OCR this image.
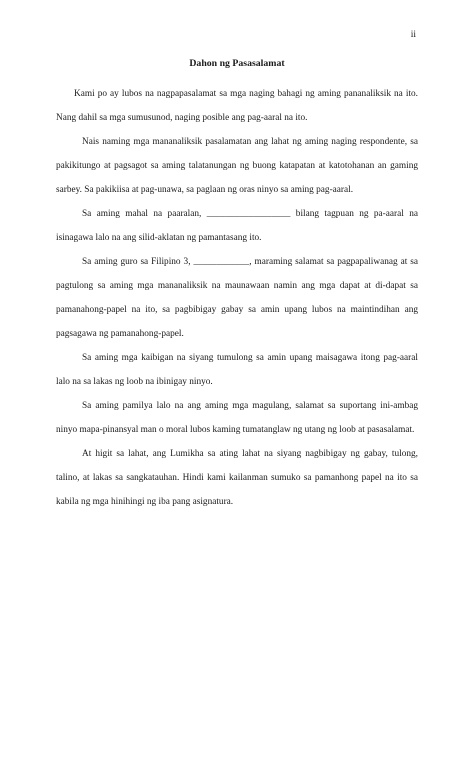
ii
Dahon ng Pasasalamat

Kami po ay lubos na nagpapasalamat sa mga naging bahagi ng aming pananaliksik na ito. Nang dahil sa mga sumusunod, naging posible ang pag-aaral na ito.

Nais naming mga mananaliksik pasalamatan ang lahat ng aming naging respondente, sa pakikitungo at pagsagot sa aming talatanungan ng buong katapatan at katotohanan an gaming sarbey. Sa pakikiisa at pag-unawa, sa paglaan ng oras ninyo sa aming pag-aaral.

Sa aming mahal na paaralan, __________________ bilang tagpuan ng pa-aaral na isinagawa lalo na ang silid-aklatan ng pamantasang ito.

Sa aming guro sa Filipino 3, ____________, maraming salamat sa pagpapaliwanag at sa pagtulong sa aming mga mananaliksik na maunawaan namin ang mga dapat at di-dapat sa pamanahong-papel na ito, sa pagbibigay gabay sa amin upang lubos na maintindihan ang pagsagawa ng pamanahong-papel.

Sa aming mga kaibigan na siyang tumulong sa amin upang maisagawa itong pag-aaral lalo na sa lakas ng loob na ibinigay ninyo.

Sa aming pamilya lalo na ang aming mga magulang, salamat sa suportang ini-ambag ninyo mapa-pinansyal man o moral lubos kaming tumatanglaw ng utang ng loob at pasasalamat.

At higit sa lahat, ang Lumikha sa ating lahat na siyang nagbibigay ng gabay, tulong, talino, at lakas sa sangkatauhan. Hindi kami kailanman sumuko sa pamanhong papel na ito sa kabila ng mga hinihingi ng iba pang asignatura.
